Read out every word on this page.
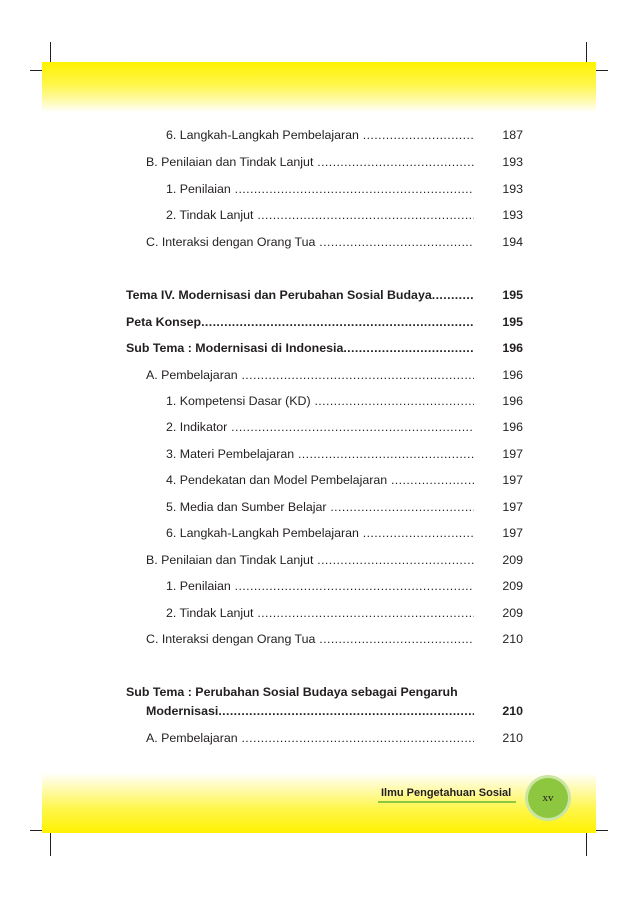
6. Langkah-Langkah Pembelajaran .....	187
B. Penilaian dan Tindak Lanjut .....	193
1. Penilaian .....	193
2. Tindak Lanjut .....	193
C. Interaksi dengan Orang Tua .....	194
Tema IV. Modernisasi dan Perubahan Sosial Budaya .....	195
Peta Konsep .....	195
Sub Tema : Modernisasi di Indonesia .....	196
A. Pembelajaran .....	196
1. Kompetensi Dasar (KD) .....	196
2. Indikator .....	196
3. Materi Pembelajaran .....	197
4. Pendekatan dan Model Pembelajaran .....	197
5. Media dan Sumber Belajar .....	197
6. Langkah-Langkah Pembelajaran .....	197
B. Penilaian dan Tindak Lanjut .....	209
1. Penilaian .....	209
2. Tindak Lanjut .....	209
C. Interaksi dengan Orang Tua .....	210
Sub Tema : Perubahan Sosial Budaya sebagai Pengaruh
Modernisasi .....	210
A. Pembelajaran .....	210
Ilmu Pengetahuan Sosial	xv
